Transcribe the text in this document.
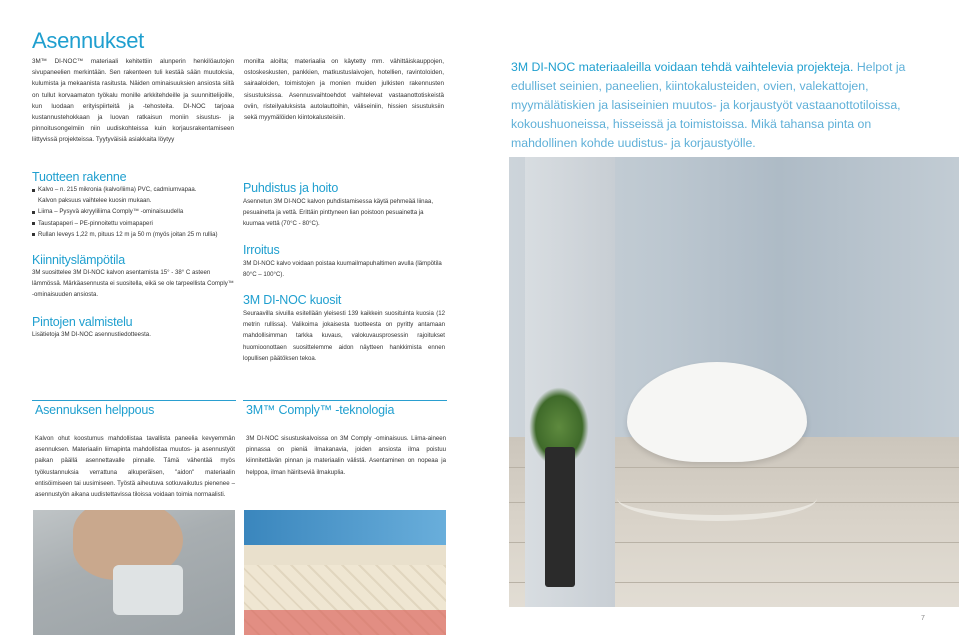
Asennukset

3M™ DI-NOC™ materiaali kehitettiin alunperin henkilöautojen sivupaneelien merkintään. Sen rakenteen tuli kestää sään muutoksia, kulumista ja mekaanista rasitusta. Näiden ominaisuuksien ansiosta siitä on tullut korvaamaton työkalu monille arkkitehdeille ja suunnittelijoille, kun luodaan erityispiirteitä ja -tehosteita. DI-NOC tarjoaa kustannustehokkaan ja luovan ratkaisun moniin sisustus- ja pinnoitusongelmiin niin uudiskohteissa kuin korjausrakentamiseen liittyvissä projekteissa. Tyytyväisiä asiakkaita löytyy

monilta aloilta; materiaalia on käytetty mm. vähittäiskauppojen, ostoskeskusten, pankkien, matkustuslaivojen, hotellien, ravintoloiden, sairaaloiden, toimistojen ja monien muiden julkisten rakennusten sisustuksissa. Asennusvaihtoehdot vaihtelevat vastaanottotiskeistä oviin, risteilyaluksista autolauttoihin, väliseiniin, hissien sisustuksiin sekä myymälöiden kiintokalusteisiin.

3M DI-NOC materiaaleilla voidaan tehdä vaihtelevia projekteja. Helpot ja edulliset seinien, paneelien, kiintokalusteiden, ovien, valekattojen, myymälätiskien ja lasiseinien muutos- ja korjaustyöt vastaanottotiloissa, kokoushuoneissa, hisseissä ja toimistoissa. Mikä tahansa pinta on mahdollinen kohde uudistus- ja korjaustyölle.
Tuotteen rakenne
Kalvo – n. 215 mikronia (kalvo/liima) PVC, cadmiumvapaa.
Kalvon paksuus vaihtelee kuosin mukaan.
Liima – Pysyvä akryyliliima Comply™ -ominaisuudella
Taustapaperi – PE-pinnoitettu voimapaperi
Rullan leveys 1,22 m, pituus 12 m ja 50 m (myös joitan 25 m rullia)
Kiinnityslämpötila

3M suosittelee 3M DI-NOC kalvon asentamista 15° - 38° C asteen lämmössä. Märkäasennusta ei suositella, eikä se ole tarpeellista Comply™ -ominaisuuden ansiosta.

Pintojen valmistelu

Lisätietoja 3M DI-NOC asennustiedotteesta.

Puhdistus ja hoito

Asennetun 3M DI-NOC kalvon puhdistamisessa käytä pehmeää liinaa, pesuainetta ja vettä. Erittäin pinttyneen lian poistoon pesuainetta ja kuumaa vettä (70°C - 80°C).

Irroitus

3M DI-NOC kalvo voidaan poistaa kuumailmapuhaltimen avulla (lämpötila 80°C – 100°C).

3M DI-NOC kuosit

Seuraavilla sivuilla esitellään yleisesti 139 kaikkein suosituinta kuosia (12 metrin rullissa). Valikoima jokaisesta tuotteesta on pyritty antamaan mahdollisimman tarkka kuvaus, valokuvausprosessin rajoitukset huomioonottaen suosittelemme aidon näytteen hankkimista ennen lopullisen päätöksen tekoa.

Asennuksen helppous

Kalvon ohut koostumus mahdollistaa tavallista paneelia kevyemmän asennuksen. Materiaalin liimapinta mahdollistaa muutos- ja asennustyöt paikan päällä asennettavalle pinnalle. Tämä vähentää myös työkustannuksia verrattuna alkuperäisen, "aidon" materiaalin entisöimiseen tai uusimiseen. Työstä aiheutuva sotkuvaikutus pienenee – asennustyön aikana uudistettavissa tiloissa voidaan toimia normaalisti.

3M™ Comply™ -teknologia

3M DI-NOC sisustuskalvoissa on 3M Comply -ominaisuus. Liima-aineen pinnassa on pieniä ilmakanavia, joiden ansiosta ilma poistuu kiinnitettävän pinnan ja materiaalin välistä. Asentaminen on nopeaa ja helppoa, ilman häiritseviä ilmakuplia.

7
